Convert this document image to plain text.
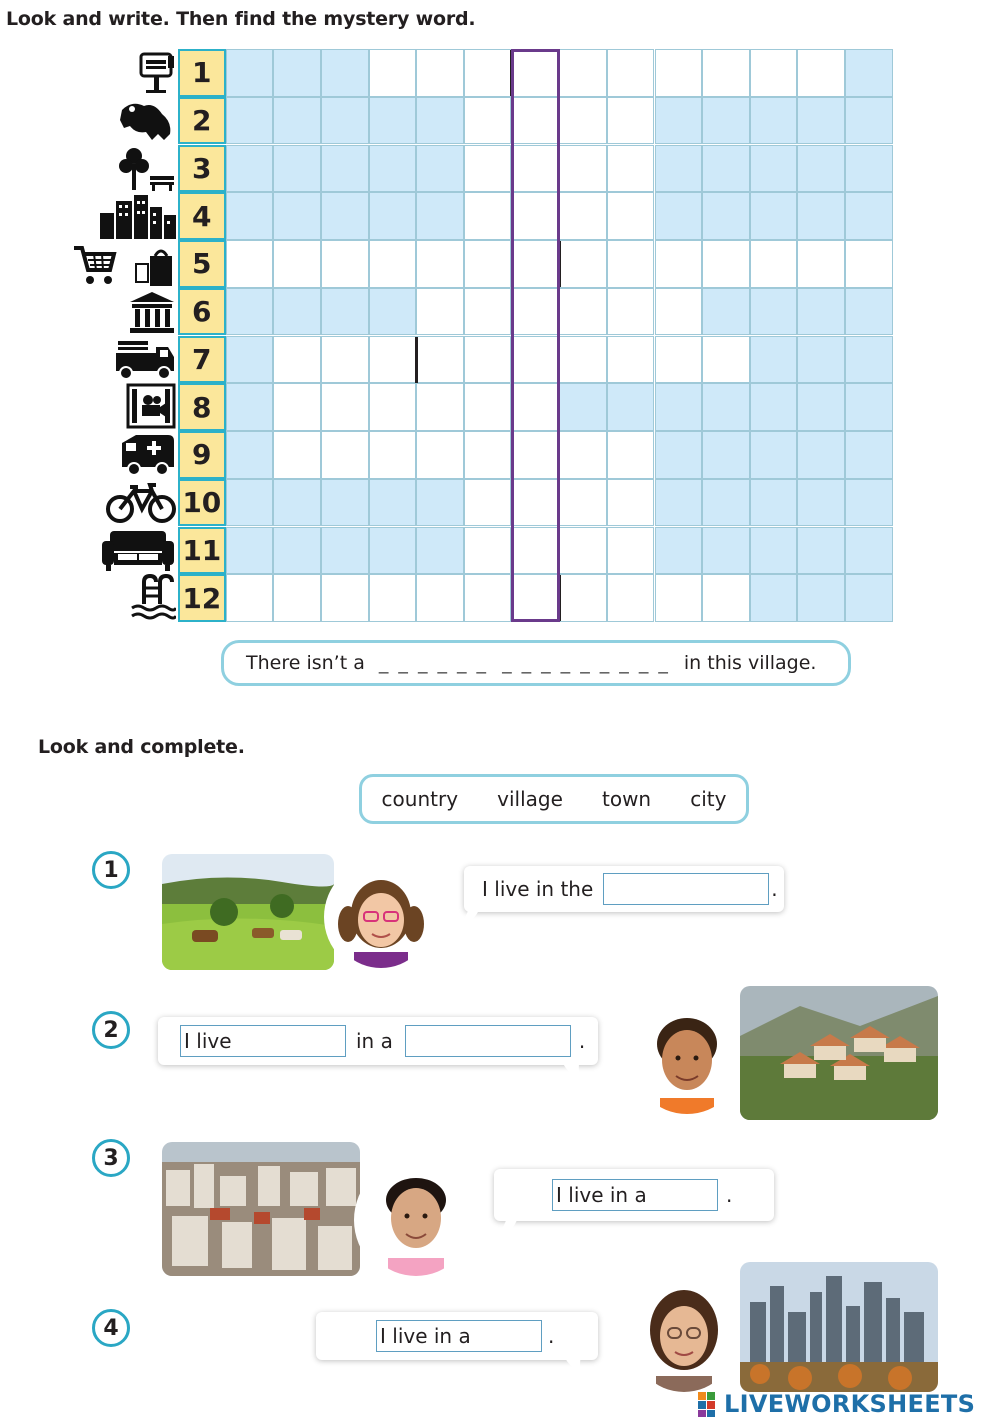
Look and write. Then find the mystery word.
1
2
3
4
5
6
7
8
9
10
11
12
There isn’t a _ _ _ _ _ _ _ _ _ _ _ _ _ _ _ in this village.
Look and complete.
country village town city
1
I live in the	.
2	I live	in a	.
3
I live in a	.
4	I live in a	.
LIVEWORKSHEETS
